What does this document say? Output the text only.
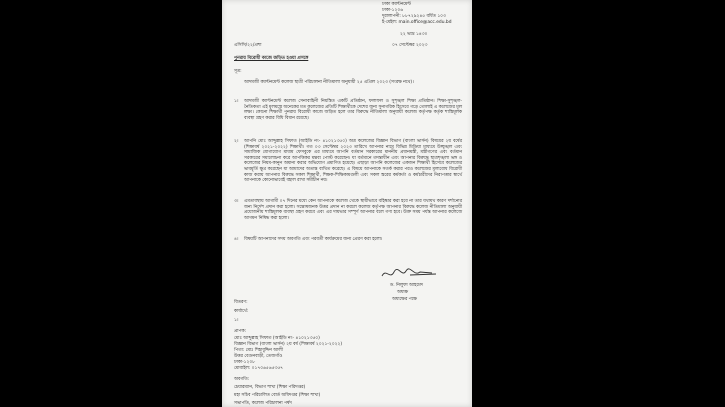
ঢাকা ক্যান্টনমেন্ট
ঢাকা-১২০৬
দূরালাপনী: ৮৮৭২৯২৪৫ বর্ধিত ১০৩
ই-মেইল: main.office@acc.edu.bd
২২ ভাদ্র ১৪৩০
এসিসি/২২/প্রশা	০৭ সেপ্টেম্বর ২০২৩
পুনরায় বিরোধী কাজে জড়িত হওয়া প্রসঙ্গে
সূত্র:
আদমজী ক্যান্টনমেন্ট কলেজ ছাত্রী পরিচালনা নীতিমালা অনুযায়ী ২৫ এপ্রিল ২০২৩ (সংরক্ষ নথে)।
১। আদমজী ক্যান্টনমেন্ট কলেজ সেনাবাহিনী নিয়ন্ত্রিত একটি প্রতিষ্ঠান, ফলাফল ও সুশৃঙ্খল শিক্ষা প্রতিষ্ঠান। শিক্ষা-সুশৃঙ্খল-নৈতিকতা এই মূলমন্ত্রে অনেকের মত কলেজের প্রতিটি শিক্ষার্থীকে দেশের জন্য সুনাগরিক হিসেবে গড়ে তোলাই এ কলেজের মূল লক্ষ্য। কোনো শিক্ষার্থী পুনরায় বিরোধী কাজে জড়িত হলে তার বিরুদ্ধে নীতিমালা অনুযায়ী কলেজ কর্তৃপক্ষ কর্তৃক শাস্তিমূলক ব্যবস্থা গ্রহণ করার বিধি বিধান রয়েছে।
২। আপনি মোঃ আব্দুল্লাহ সিফাত (আইডি নং- ৪১০২১৩৫০) অত্র কলেজের বিজ্ঞান বিভাগ (বাংলা ভার্সন) বিষয়ের ২য় বর্ষের (শিক্ষাবর্ষ ২০২১-২০২২) শিক্ষার্থী। গত ০৩ সেপ্টেম্বর ২০২৩ তারিখে আপনার নামে বিভিন্ন মিডিয়া মাধ্যমে উচ্ছৃঙ্খল এবং সামাজিক যোগাযোগ মাধ্যম ফেসবুকে এর মাধ্যমে আপনি বর্তমান সরকারের মাননীয় প্রধানমন্ত্রী, মন্ত্রীগণের এবং বর্তমান সরকারের সমালোচনা করে আপত্তিকর মন্তব্য পোস্ট করেছেন। যা বর্তমানে তদন্তাধীন এবং আপনার বিরুদ্ধে ছাত্রশৃঙ্খলা ভঙ্গ ও কলেজের নিয়ম-কানুন অমান্য করার অভিযোগ প্রমাণিত হয়েছে। এছাড়া আপনি কলেজের একজন শিক্ষার্থী হিসেবে কলেজের ভাবমূর্তি ক্ষুণ্ণ করেছেন যা আমাদের অত্যন্ত ব্যথিত করেছে। এ বিষয়ে আপনাকে সতর্ক করার পরও কলেজের মূল্যবোধ বিরোধী কাজ করায় আপনার বিরুদ্ধে সকল শিক্ষার্থী, শিক্ষক-শিক্ষিকামণ্ডলী এবং সকল স্তরের কর্মকর্তা ও কর্মচারীদের নিরাপত্তার স্বার্থে আপনাকে কোনোভাবেই বহাল রাখা সমীচীন নয়।
৩। এমতাবস্থায় আগামী ০৭ দিনের মধ্যে কেন আপনাকে কলেজ থেকে স্থায়ীভাবে বহিষ্কার করা হবে না তার যথাযথ কারণ দর্শানোর জন্য নির্দেশ প্রদান করা হলো। সন্তোষজনক উত্তর প্রদান না করলে কলেজ কর্তৃপক্ষ আপনার বিরুদ্ধে কলেজ নীতিমালা অনুযায়ী প্রয়োজনীয় শাস্তিমূলক ব্যবস্থা গ্রহণ করবে এবং এর দায়ভার সম্পূর্ণ আপনার বলে গণ্য হবে। উক্ত সময় পর্যন্ত আপনার কলেজে আগমন নিষিদ্ধ করা হলো।
৪। বিষয়টি আপনাদের সদয় অবগতি এবং পরবর্তী কার্যক্রমের জন্য প্রেরণ করা হলো।
ড. নিলুফা আহমেদ
অধ্যক্ষ
অধ্যক্ষের পক্ষে
বিতরণ:
কার্যার্থে:
১।
প্রাপক:
মোঃ আব্দুল্লাহ সিফাত (আইডি নং- ৪১০২১৩৫০)
বিজ্ঞান বিভাগ (বাংলা ভার্সন) ২য় বর্ষ (শিক্ষাবর্ষ ২০২১-২০২২)
পিতা: মোঃ শিহাবুদ্দিন আলী
উত্তর বেগুনবাড়ী, তেজগাঁও
ঢাকা-১২০৮
মোবাইল: ০১৭০৬৫৬৫৩৫৭
অবগতি:
চেয়ারম্যান, বিভাগ শাখা (শিক্ষা পরিদপ্তর)
মহা সচিব পরিচালিত বোর্ড অধিদপ্তর (শিক্ষা শাখা)
সভাপতি, কলেজ পরিচালনা পর্ষদ
